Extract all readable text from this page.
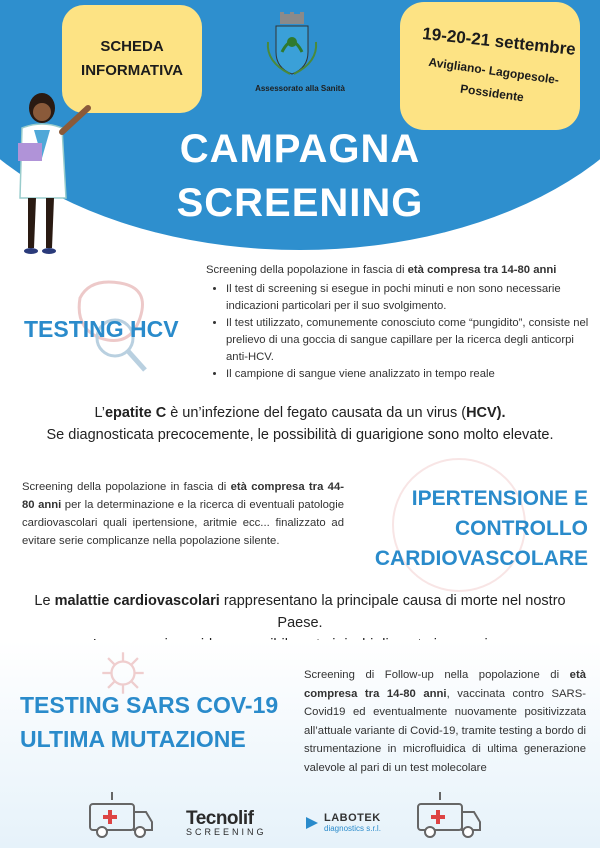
SCHEDA
INFORMATIVA
Assessorato alla Sanità
19-20-21 settembre
Avigliano- Lagopesole-
Possidente
CAMPAGNA
SCREENING
TESTING HCV
Screening della popolazione in fascia di età compresa tra 14-80 anni
• Il test di screening si esegue in pochi minuti e non sono necessarie indicazioni particolari per il suo svolgimento.
• Il test utilizzato, comunemente conosciuto come “pungidito”, consiste nel prelievo di una goccia di sangue capillare per la ricerca degli anticorpi anti-HCV.
• Il campione di sangue viene analizzato in tempo reale
L’epatite C è un’infezione del fegato causata da un virus (HCV).
Se diagnosticata precocemente, le possibilità di guarigione sono molto elevate.
Screening della popolazione in fascia di età compresa tra 44-80 anni per la determinazione e la ricerca di eventuali patologie cardiovascolari quali ipertensione, aritmie ecc... finalizzato ad evitare serie complicanze nella popolazione silente.
IPERTENSIONE E
CONTROLLO
CARDIOVASCOLARE
Le malattie cardiovascolari rappresentano la principale causa di morte nel nostro Paese.

TESTING SARS COV-19
ULTIMA MUTAZIONE
Screening di Follow-up nella popolazione di età compresa tra 14-80 anni, vaccinata contro SARS-Covid19 ed eventualmente nuovamente positivizzata all’attuale variante di Covid-19, tramite testing a bordo di strumentazione in microfluidica di ultima generazione valevole al pari di un test molecolare
Tecnolif
SCREENING
LABOTEK
diagnostics s.r.l.
